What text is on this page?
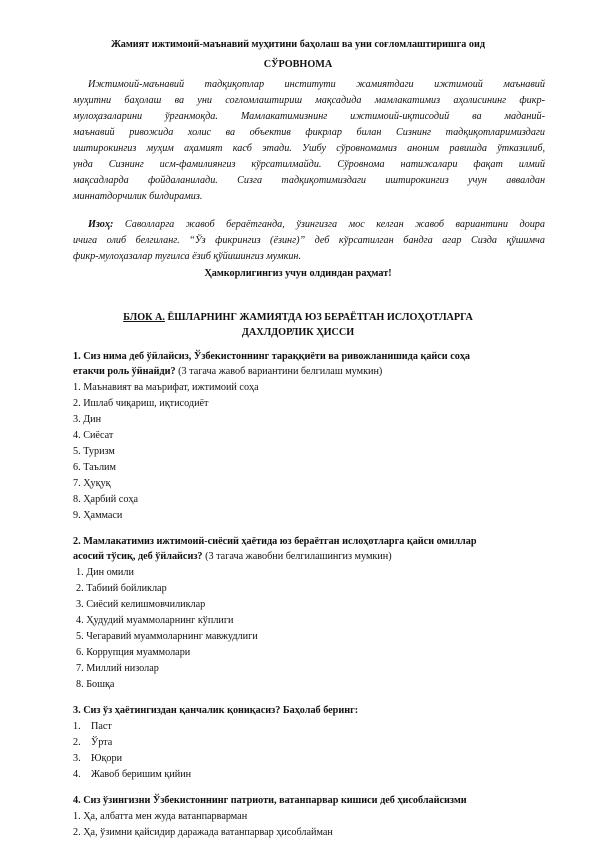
Жамият ижтимоий-маънавий муҳитини баҳолаш ва уни соғломлаштиришга оид
СЎРОВНОМА
Ижтимоий-маънавий тадқиқотлар институти жамиятдаги ижтимоий маънавий
муҳитни баҳолаш ва уни соғломлаштириш мақсадида мамлакатимиз аҳолисининг фикр-
мулоҳазаларини ўрганмоқда. Мамлакатимизнинг ижтимоий-иқтисодий ва маданий-
маънавий ривожида холис ва объектив фикрлар билан Сизнинг тадқиқотларимиздаги
иштирокингиз муҳим аҳамият касб этади. Ушбу сўровномамиз аноним равишда ўтказилиб,
унда Сизнинг исм-фамилиянгиз кўрсатилмайди. Сўровнома натижалари фақат илмий
мақсадларда фойдаланилади. Сизга тадқиқотимиздаги иштирокингиз учун аввалдан
миннатдорчилик билдирамиз.
Изоҳ: Саволларга жавоб бераётганда, ўзингизга мос келган жавоб вариантини доира
ичига олиб белгиланг. “Ўз фикрингиз (ёзинг)” деб кўрсатилган бандга агар Сизда қўшимча
фикр-мулоҳазалар туғилса ёзиб қўйишингиз мумкин.
Ҳамкорлигингиз учун олдиндан раҳмат!
БЛОК А. ЁШЛАРНИНГ ЖАМИЯТДА ЮЗ БЕРАЁТГАН ИСЛОҲОТЛАРГА
ДАХЛДОРЛИК ҲИССИ
1. Сиз нима деб ўйлайсиз, Ўзбекистоннинг тараққиёти ва ривожланишида қайси соҳа
етакчи роль ўйнайди? (3 тагача жавоб вариантини белгилаш мумкин)
1. Маънавият ва маърифат, ижтимоий соҳа
2. Ишлаб чиқариш, иқтисодиёт
3. Дин
4. Сиёсат
5. Туризм
6. Таълим
7. Ҳуқуқ
8. Ҳарбий соҳа
9. Ҳаммаси
2. Мамлакатимиз ижтимоий-сиёсий ҳаётида юз бераётган ислоҳотларга қайси омиллар
асосий тўсиқ, деб ўйлайсиз? (3 тагача жавобни белгилашингиз мумкин)
1. Дин омили
2. Табиий бойликлар
3. Сиёсий келишмовчиликлар
4. Ҳудудий муаммоларнинг кўплиги
5. Чегаравий муаммоларнинг мавжудлиги
6. Коррупция муаммолари
7. Миллий низолар
8. Бошқа
3. Сиз ўз ҳаётингиздан қанчалик қониқасиз? Баҳолаб беринг:
1. Паст
2. Ўрта
3. Юқори
4. Жавоб беришим қийин
4. Сиз ўзингизни Ўзбекистоннинг патриоти, ватанпарвар кишиси деб ҳисоблайсизми
1. Ҳа, албатта мен жуда ватанпарварман
2. Ҳа, ўзимни қайсидир даражада ватанпарвар ҳисоблайман
